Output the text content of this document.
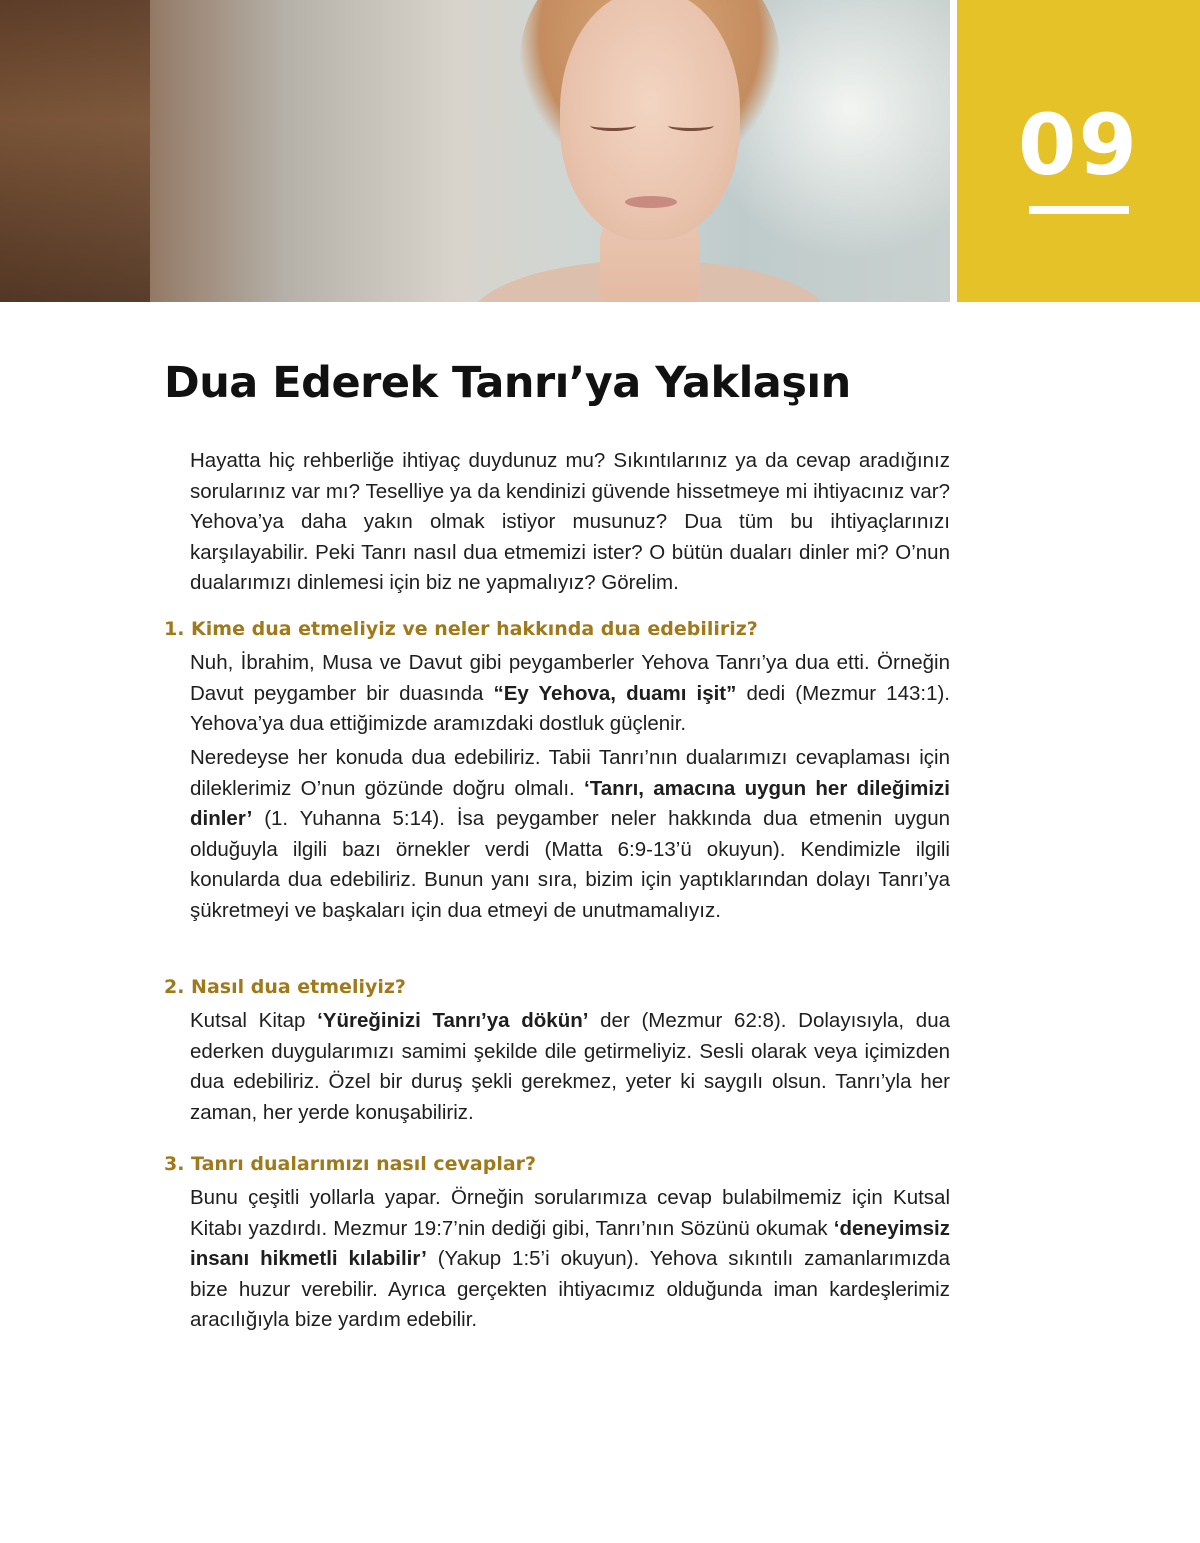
09
Dua Ederek Tanrı’ya Yaklaşın

Hayatta hiç rehberliğe ihtiyaç duydunuz mu? Sıkıntılarınız ya da cevap aradığınız sorularınız var mı? Teselliye ya da kendinizi güvende hissetmeye mi ihtiyacınız var? Yehova’ya daha yakın olmak istiyor musunuz? Dua tüm bu ihtiyaçlarınızı karşılayabilir. Peki Tanrı nasıl dua etmemizi ister? O bütün duaları dinler mi? O’nun dualarımızı dinlemesi için biz ne yapmalıyız? Görelim.

1. Kime dua etmeliyiz ve neler hakkında dua edebiliriz?

Nuh, İbrahim, Musa ve Davut gibi peygamberler Yehova Tanrı’ya dua etti. Örneğin Davut peygamber bir duasında “Ey Yehova, duamı işit” dedi (Mezmur 143:1). Yehova’ya dua ettiğimizde aramızdaki dostluk güçlenir.

Neredeyse her konuda dua edebiliriz. Tabii Tanrı’nın dualarımızı cevaplaması için dileklerimiz O’nun gözünde doğru olmalı. ‘Tanrı, amacına uygun her dileğimizi dinler’ (1. Yuhanna 5:14). İsa peygamber neler hakkında dua etmenin uygun olduğuyla ilgili bazı örnekler verdi (Matta 6:9-13’ü okuyun). Kendimizle ilgili konularda dua edebiliriz. Bunun yanı sıra, bizim için yaptıklarından dolayı Tanrı’ya şükretmeyi ve başkaları için dua etmeyi de unutmamalıyız.

2. Nasıl dua etmeliyiz?

Kutsal Kitap ‘Yüreğinizi Tanrı’ya dökün’ der (Mezmur 62:8). Dolayısıyla, dua ederken duygularımızı samimi şekilde dile getirmeliyiz. Sesli olarak veya içimizden dua edebiliriz. Özel bir duruş şekli gerekmez, yeter ki saygılı olsun. Tanrı’yla her zaman, her yerde konuşabiliriz.

3. Tanrı dualarımızı nasıl cevaplar?

Bunu çeşitli yollarla yapar. Örneğin sorularımıza cevap bulabilmemiz için Kutsal Kitabı yazdırdı. Mezmur 19:7’nin dediği gibi, Tanrı’nın Sözünü okumak ‘deneyimsiz insanı hikmetli kılabilir’ (Yakup 1:5’i okuyun). Yehova sıkıntılı zamanlarımızda bize huzur verebilir. Ayrıca gerçekten ihtiyacımız olduğunda iman kardeşlerimiz aracılığıyla bize yardım edebilir.
